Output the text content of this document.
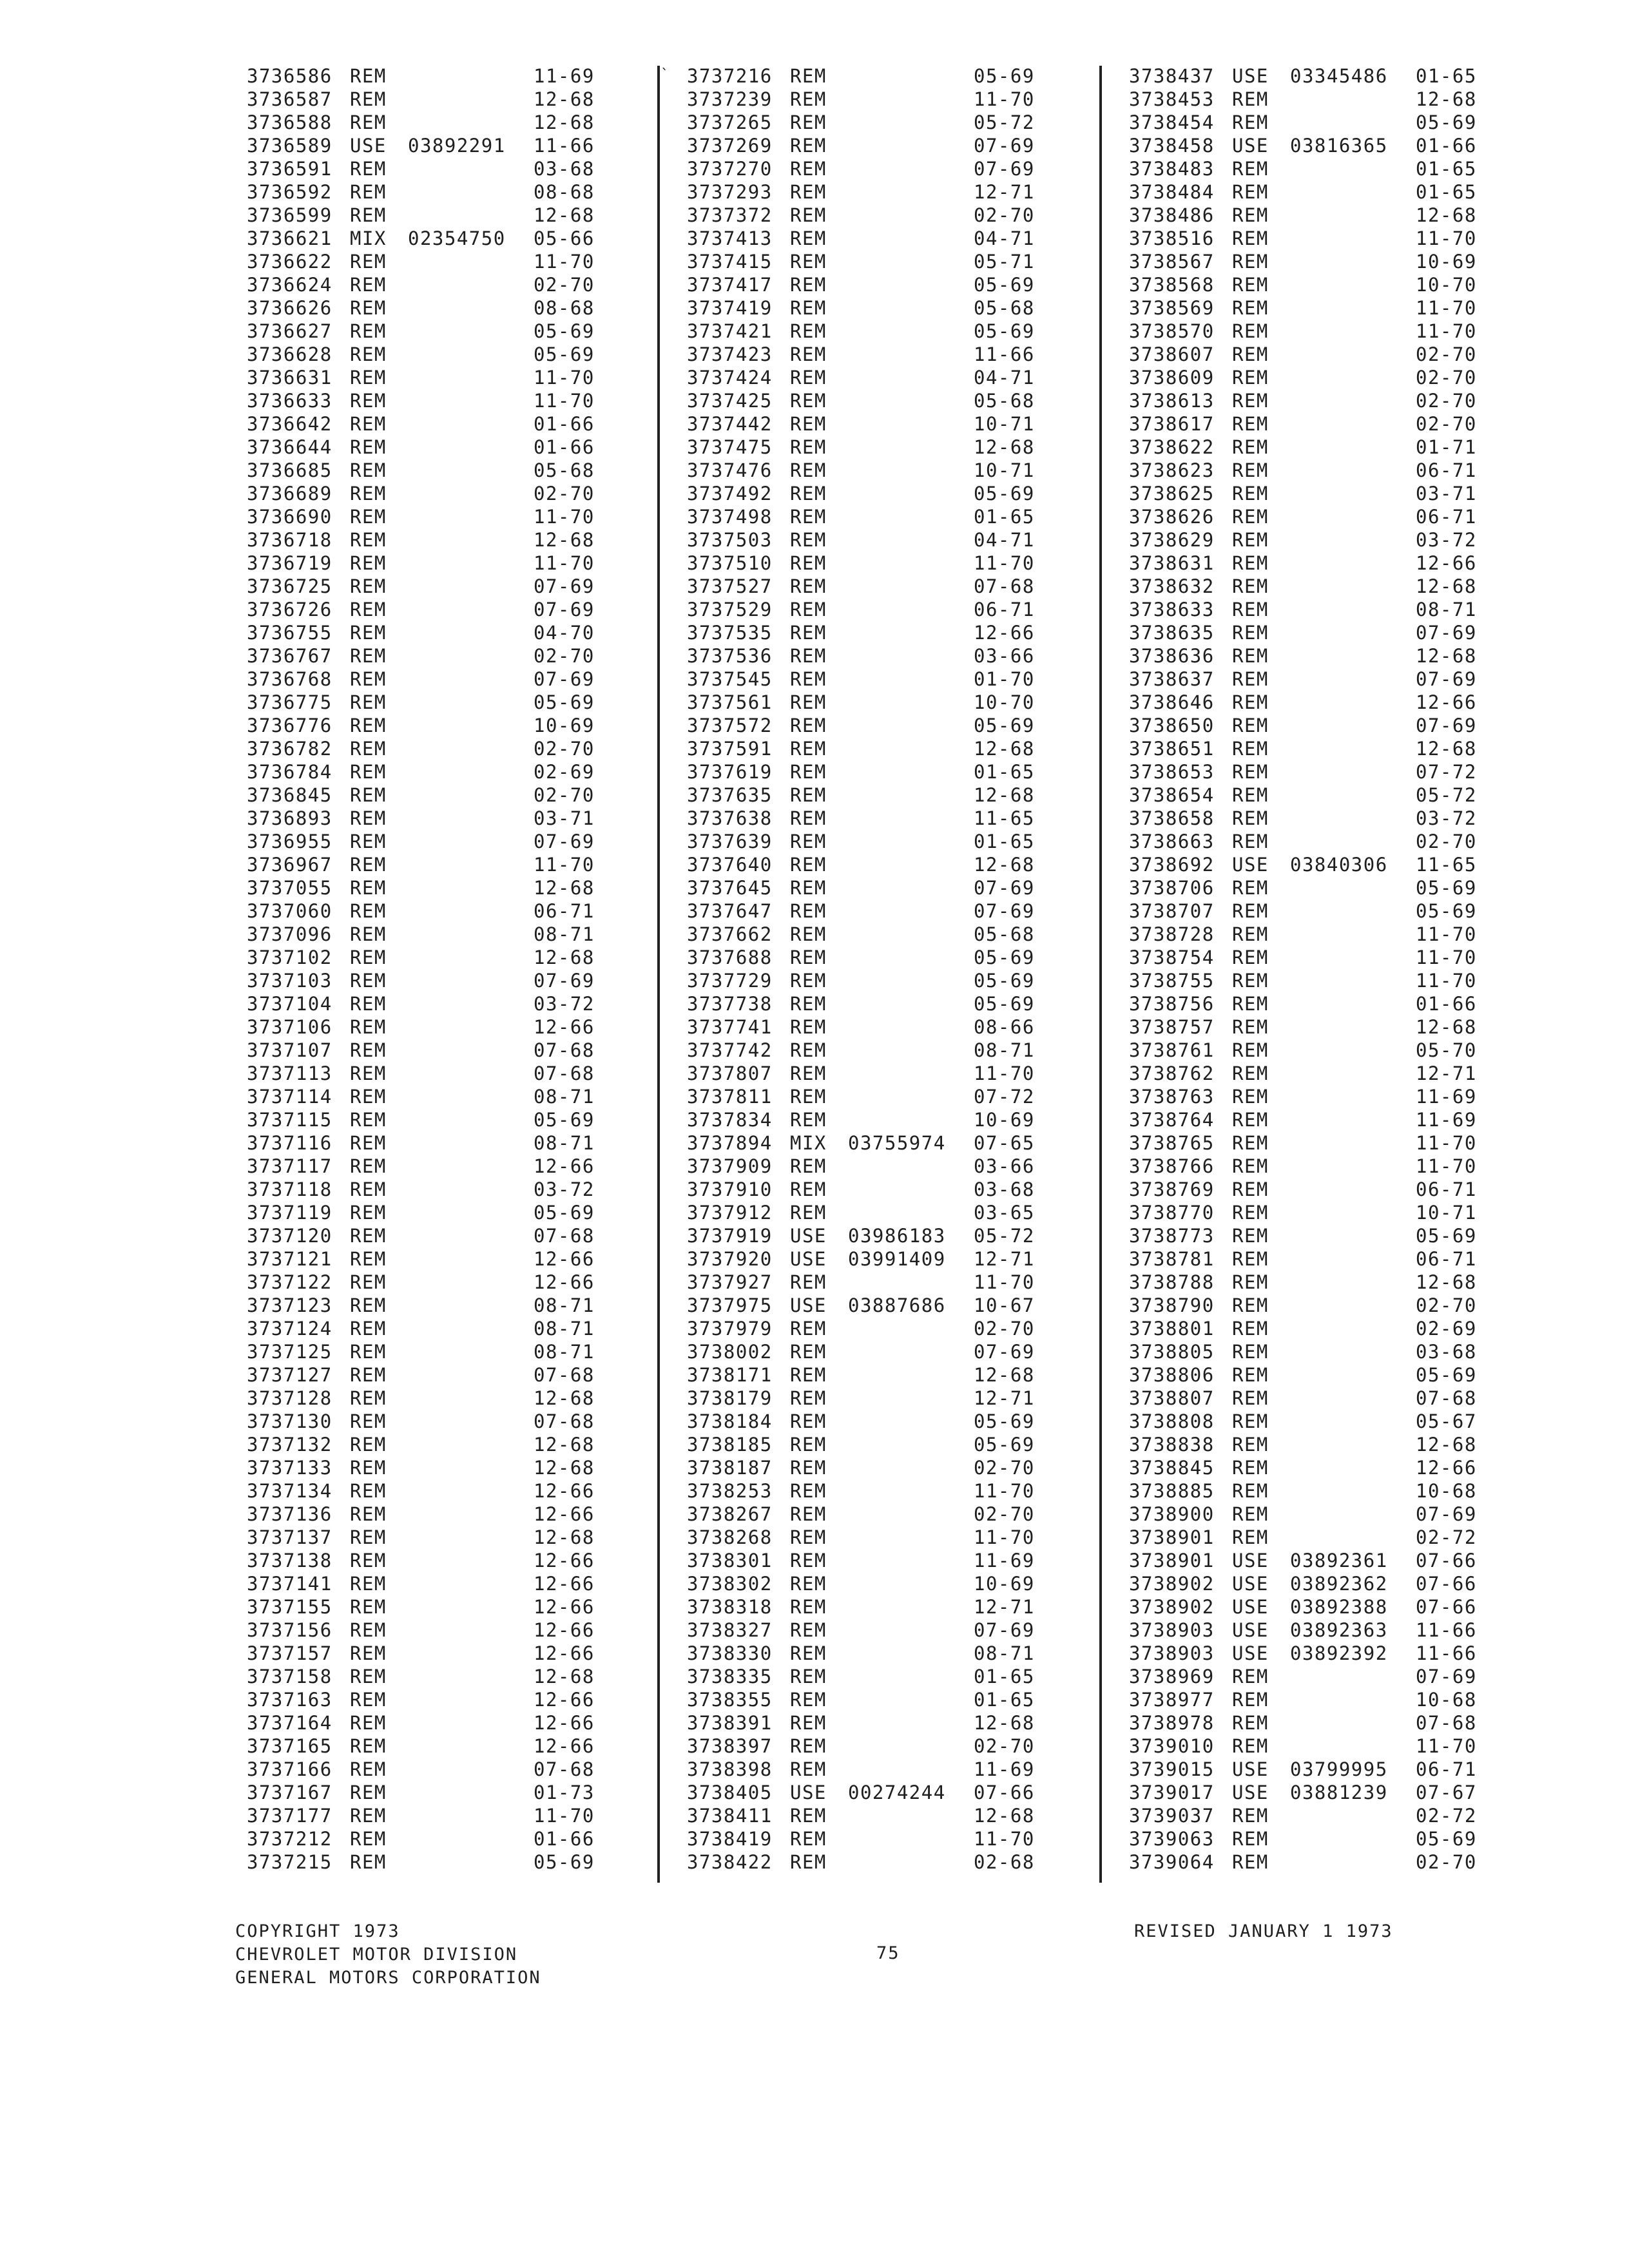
3736586 REM	11-69
3736587 REM	12-68
3736588 REM	12-68
3736589 USE	03892291	11-66
3736591 REM	03-68
3736592 REM	08-68
3736599 REM	12-68
3736621 MIX	02354750	05-66
3736622 REM	11-70
3736624 REM	02-70
3736626 REM	08-68
3736627 REM	05-69
3736628 REM	05-69
3736631 REM	11-70
3736633 REM	11-70
3736642 REM	01-66
3736644 REM	01-66
3736685 REM	05-68
3736689 REM	02-70
3736690 REM	11-70
3736718 REM	12-68
3736719 REM	11-70
3736725 REM	07-69
3736726 REM	07-69
3736755 REM	04-70
3736767 REM	02-70
3736768 REM	07-69
3736775 REM	05-69
3736776 REM	10-69
3736782 REM	02-70
3736784 REM	02-69
3736845 REM	02-70
3736893 REM	03-71
3736955 REM	07-69
3736967 REM	11-70
3737055 REM	12-68
3737060 REM	06-71
3737096 REM	08-71
3737102 REM	12-68
3737103 REM	07-69
3737104 REM	03-72
3737106 REM	12-66
3737107 REM	07-68
3737113 REM	07-68
3737114 REM	08-71
3737115 REM	05-69
3737116 REM	08-71
3737117 REM	12-66
3737118 REM	03-72
3737119 REM	05-69
3737120 REM	07-68
3737121 REM	12-66
3737122 REM	12-66
3737123 REM	08-71
3737124 REM	08-71
3737125 REM	08-71
3737127 REM	07-68
3737128 REM	12-68
3737130 REM	07-68
3737132 REM	12-68
3737133 REM	12-68
3737134 REM	12-66
3737136 REM	12-66
3737137 REM	12-68
3737138 REM	12-66
3737141 REM	12-66
3737155 REM	12-66
3737156 REM	12-66
3737157 REM	12-66
3737158 REM	12-68
3737163 REM	12-66
3737164 REM	12-66
3737165 REM	12-66
3737166 REM	07-68
3737167 REM	01-73
3737177 REM	11-70
3737212 REM	01-66
3737215 REM	05-69
` 3737216 REM	05-69
3737239 REM	11-70
3737265 REM	05-72
3737269 REM	07-69
3737270 REM	07-69
3737293 REM	12-71
3737372 REM	02-70
3737413 REM	04-71
3737415 REM	05-71
3737417 REM	05-69
3737419 REM	05-68
3737421 REM	05-69
3737423 REM	11-66
3737424 REM	04-71
3737425 REM	05-68
3737442 REM	10-71
3737475 REM	12-68
3737476 REM	10-71
3737492 REM	05-69
3737498 REM	01-65
3737503 REM	04-71
3737510 REM	11-70
3737527 REM	07-68
3737529 REM	06-71
3737535 REM	12-66
3737536 REM	03-66
3737545 REM	01-70
3737561 REM	10-70
3737572 REM	05-69
3737591 REM	12-68
3737619 REM	01-65
3737635 REM	12-68
3737638 REM	11-65
3737639 REM	01-65
3737640 REM	12-68
3737645 REM	07-69
3737647 REM	07-69
3737662 REM	05-68
3737688 REM	05-69
3737729 REM	05-69
3737738 REM	05-69
3737741 REM	08-66
3737742 REM	08-71
3737807 REM	11-70
3737811 REM	07-72
3737834 REM	10-69
3737894 MIX	03755974	07-65
3737909 REM	03-66
3737910 REM	03-68
3737912 REM	03-65
3737919 USE	03986183	05-72
3737920 USE	03991409	12-71
3737927 REM	11-70
3737975 USE	03887686	10-67
3737979 REM	02-70
3738002 REM	07-69
3738171 REM	12-68
3738179 REM	12-71
3738184 REM	05-69
3738185 REM	05-69
3738187 REM	02-70
3738253 REM	11-70
3738267 REM	02-70
3738268 REM	11-70
3738301 REM	11-69
3738302 REM	10-69
3738318 REM	12-71
3738327 REM	07-69
3738330 REM	08-71
3738335 REM	01-65
3738355 REM	01-65
3738391 REM	12-68
3738397 REM	02-70
3738398 REM	11-69
3738405 USE	00274244	07-66
3738411 REM	12-68
3738419 REM	11-70
3738422 REM	02-68
3738437 USE	03345486	01-65
3738453 REM	12-68
3738454 REM	05-69
3738458 USE	03816365	01-66
3738483 REM	01-65
3738484 REM	01-65
3738486 REM	12-68
3738516 REM	11-70
3738567 REM	10-69
3738568 REM	10-70
3738569 REM	11-70
3738570 REM	11-70
3738607 REM	02-70
3738609 REM	02-70
3738613 REM	02-70
3738617 REM	02-70
3738622 REM	01-71
3738623 REM	06-71
3738625 REM	03-71
3738626 REM	06-71
3738629 REM	03-72
3738631 REM	12-66
3738632 REM	12-68
3738633 REM	08-71
3738635 REM	07-69
3738636 REM	12-68
3738637 REM	07-69
3738646 REM	12-66
3738650 REM	07-69
3738651 REM	12-68
3738653 REM	07-72
3738654 REM	05-72
3738658 REM	03-72
3738663 REM	02-70
3738692 USE	03840306	11-65
3738706 REM	05-69
3738707 REM	05-69
3738728 REM	11-70
3738754 REM	11-70
3738755 REM	11-70
3738756 REM	01-66
3738757 REM	12-68
3738761 REM	05-70
3738762 REM	12-71
3738763 REM	11-69
3738764 REM	11-69
3738765 REM	11-70
3738766 REM	11-70
3738769 REM	06-71
3738770 REM	10-71
3738773 REM	05-69
3738781 REM	06-71
3738788 REM	12-68
3738790 REM	02-70
3738801 REM	02-69
3738805 REM	03-68
3738806 REM	05-69
3738807 REM	07-68
3738808 REM	05-67
3738838 REM	12-68
3738845 REM	12-66
3738885 REM	10-68
3738900 REM	07-69
3738901 REM	02-72
3738901 USE	03892361	07-66
3738902 USE	03892362	07-66
3738902 USE	03892388	07-66
3738903 USE	03892363	11-66
3738903 USE	03892392	11-66
3738969 REM	07-69
3738977 REM	10-68
3738978 REM	07-68
3739010 REM	11-70
3739015 USE	03799995	06-71
3739017 USE	03881239	07-67
3739037 REM	02-72
3739063 REM	05-69
3739064 REM	02-70
COPYRIGHT 1973
CHEVROLET MOTOR DIVISION
GENERAL MOTORS CORPORATION
75
REVISED JANUARY 1 1973
